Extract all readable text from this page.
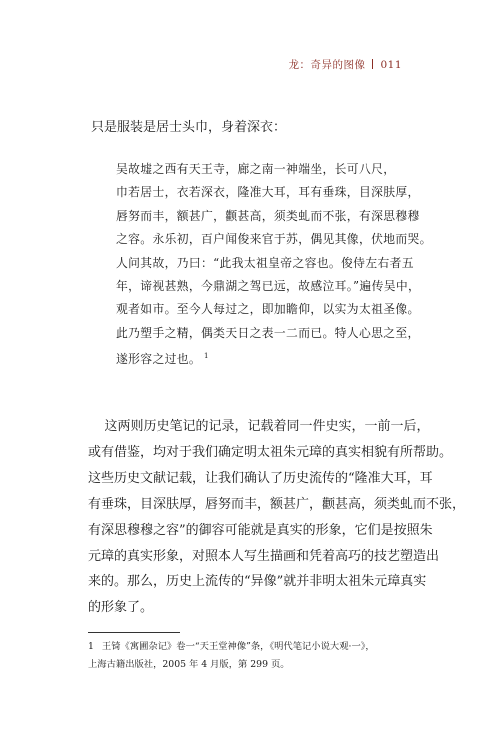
龙：奇异的图像 011
只是服装是居士头巾，身着深衣：
吴故墟之西有天王寺，廊之南一神端坐，长可八尺，
巾若居士，衣若深衣，隆准大耳，耳有垂珠，目深肤厚，
唇努而丰，额甚广，颧甚高，须类虬而不张，有深思穆穆
之容。永乐初，百户闻俊来官于苏，偶见其像，伏地而哭。
人问其故，乃曰：“此我太祖皇帝之容也。俊侍左右者五
年，谛视甚熟，今鼎湖之驾已远，故感泣耳。”遍传吴中，
观者如市。至今人每过之，即加瞻仰，以实为太祖圣像。
此乃塑手之精，偶类天日之表一二而已。特人心思之至，
遂形容之过也。 $^1$
这两则历史笔记的记录，记载着同一件史实，一前一后，
或有借鉴，均对于我们确定明太祖朱元璋的真实相貌有所帮助。
这些历史文献记载，让我们确认了历史流传的“隆准大耳，耳
有垂珠，目深肤厚，唇努而丰，额甚广，颧甚高，须类虬而不张，
有深思穆穆之容”的御容可能就是真实的形象，它们是按照朱
元璋的真实形象，对照本人写生描画和凭着高巧的技艺塑造出
来的。那么，历史上流传的“异像”就并非明太祖朱元璋真实
的形象了。
1 王锜《寓圃杂记》卷一“天王堂神像”条，《明代笔记小说大观·一》，
上海古籍出版社，2005 年 4 月版，第 299 页。
